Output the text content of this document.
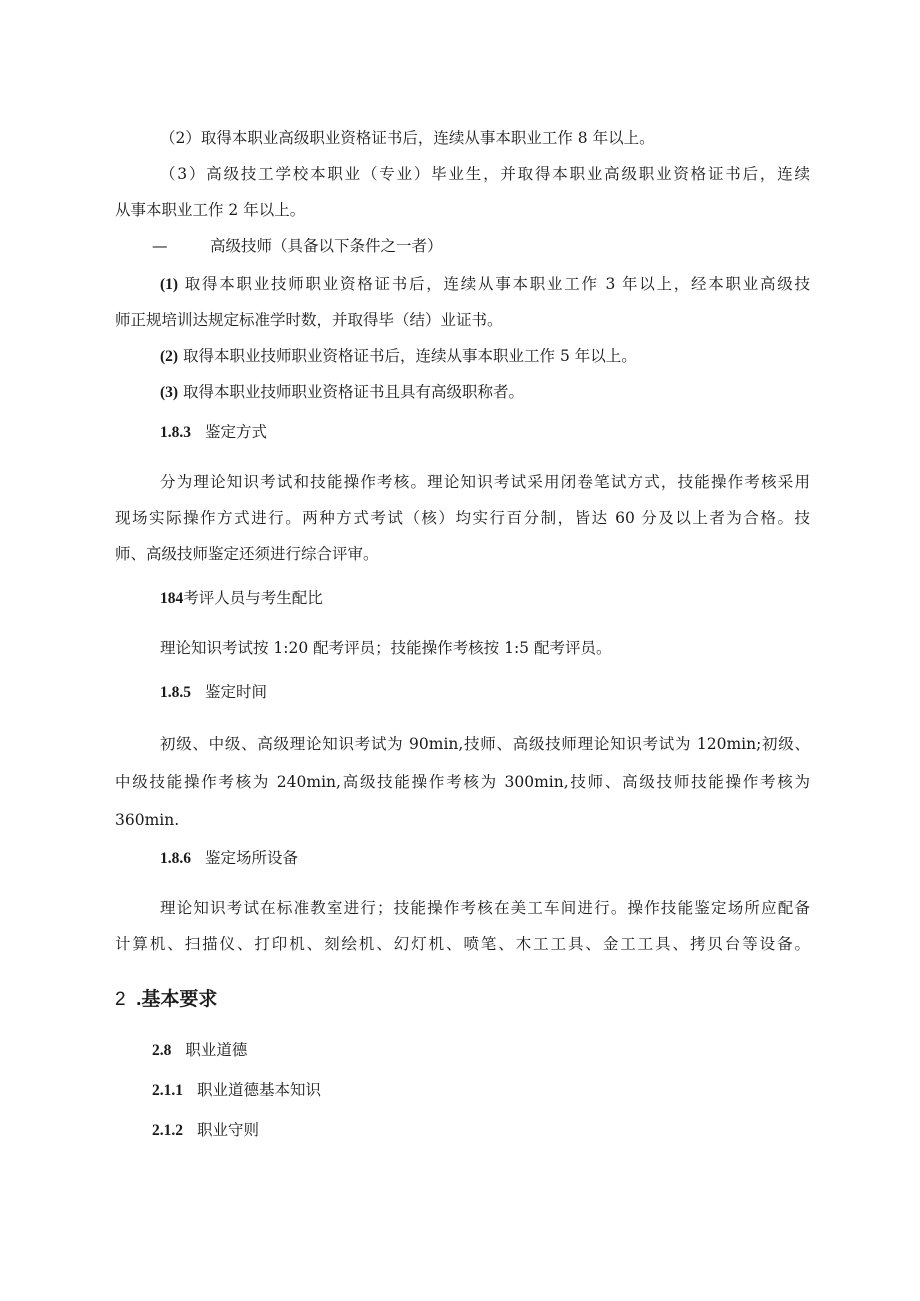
（2）取得本职业高级职业资格证书后，连续从事本职业工作 8 年以上。
（3）高级技工学校本职业（专业）毕业生，并取得本职业高级职业资格证书后，连续
从事本职业工作 2 年以上。
—	高级技师（具备以下条件之一者）
(1) 取得本职业技师职业资格证书后，连续从事本职业工作 3 年以上，经本职业高级技
师正规培训达规定标准学时数，并取得毕（结）业证书。
(2) 取得本职业技师职业资格证书后，连续从事本职业工作 5 年以上。
(3) 取得本职业技师职业资格证书且具有高级职称者。
1.8.3 鉴定方式
分为理论知识考试和技能操作考核。理论知识考试采用闭卷笔试方式，技能操作考核采用
现场实际操作方式进行。两种方式考试（核）均实行百分制，皆达 60 分及以上者为合格。技
师、高级技师鉴定还须进行综合评审。
184考评人员与考生配比
理论知识考试按 1:20 配考评员；技能操作考核按 1:5 配考评员。
1.8.5 鉴定时间
初级、中级、高级理论知识考试为 90min,技师、高级技师理论知识考试为 120min;初级、
中级技能操作考核为 240min,高级技能操作考核为 300min,技师、高级技师技能操作考核为
360min.
1.8.6 鉴定场所设备
理论知识考试在标准教室进行；技能操作考核在美工车间进行。操作技能鉴定场所应配备
计算机、扫描仪、打印机、刻绘机、幻灯机、喷笔、木工工具、金工工具、拷贝台等设备。
2 .基本要求
2.8 职业道德
2.1.1 职业道德基本知识
2.1.2 职业守则
